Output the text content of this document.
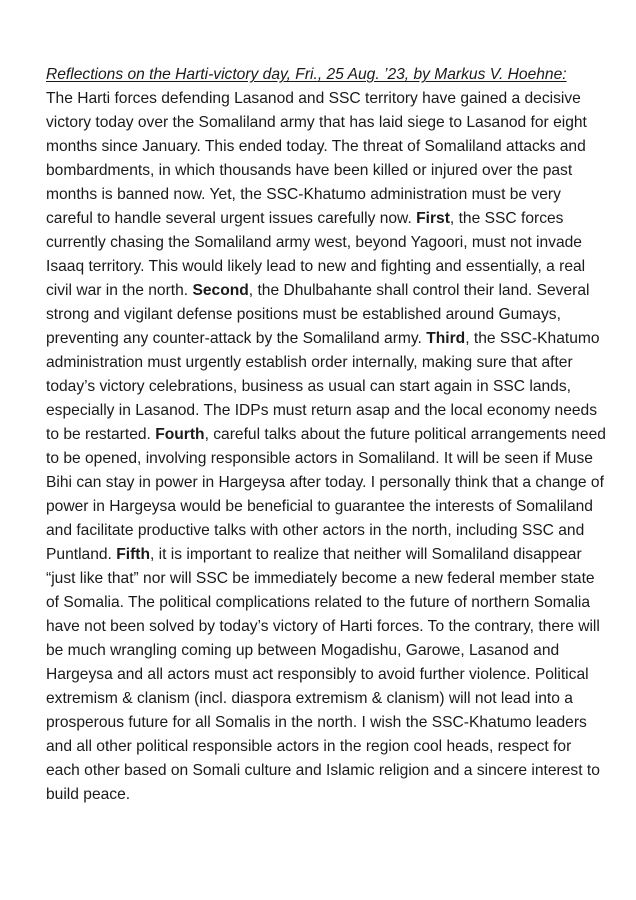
Reflections on the Harti-victory day, Fri., 25 Aug. ’23, by Markus V. Hoehne:
The Harti forces defending Lasanod and SSC territory have gained a decisive victory today over the Somaliland army that has laid siege to Lasanod for eight months since January. This ended today. The threat of Somaliland attacks and bombardments, in which thousands have been killed or injured over the past months is banned now. Yet, the SSC-Khatumo administration must be very careful to handle several urgent issues carefully now. First, the SSC forces currently chasing the Somaliland army west, beyond Yagoori, must not invade Isaaq territory. This would likely lead to new and fighting and essentially, a real civil war in the north. Second, the Dhulbahante shall control their land. Several strong and vigilant defense positions must be established around Gumays, preventing any counter-attack by the Somaliland army. Third, the SSC-Khatumo administration must urgently establish order internally, making sure that after today’s victory celebrations, business as usual can start again in SSC lands, especially in Lasanod. The IDPs must return asap and the local economy needs to be restarted. Fourth, careful talks about the future political arrangements need to be opened, involving responsible actors in Somaliland. It will be seen if Muse Bihi can stay in power in Hargeysa after today. I personally think that a change of power in Hargeysa would be beneficial to guarantee the interests of Somaliland and facilitate productive talks with other actors in the north, including SSC and Puntland. Fifth, it is important to realize that neither will Somaliland disappear “just like that” nor will SSC be immediately become a new federal member state of Somalia. The political complications related to the future of northern Somalia have not been solved by today’s victory of Harti forces. To the contrary, there will be much wrangling coming up between Mogadishu, Garowe, Lasanod and Hargeysa and all actors must act responsibly to avoid further violence. Political extremism & clanism (incl. diaspora extremism & clanism) will not lead into a prosperous future for all Somalis in the north. I wish the SSC-Khatumo leaders and all other political responsible actors in the region cool heads, respect for each other based on Somali culture and Islamic religion and a sincere interest to build peace.
